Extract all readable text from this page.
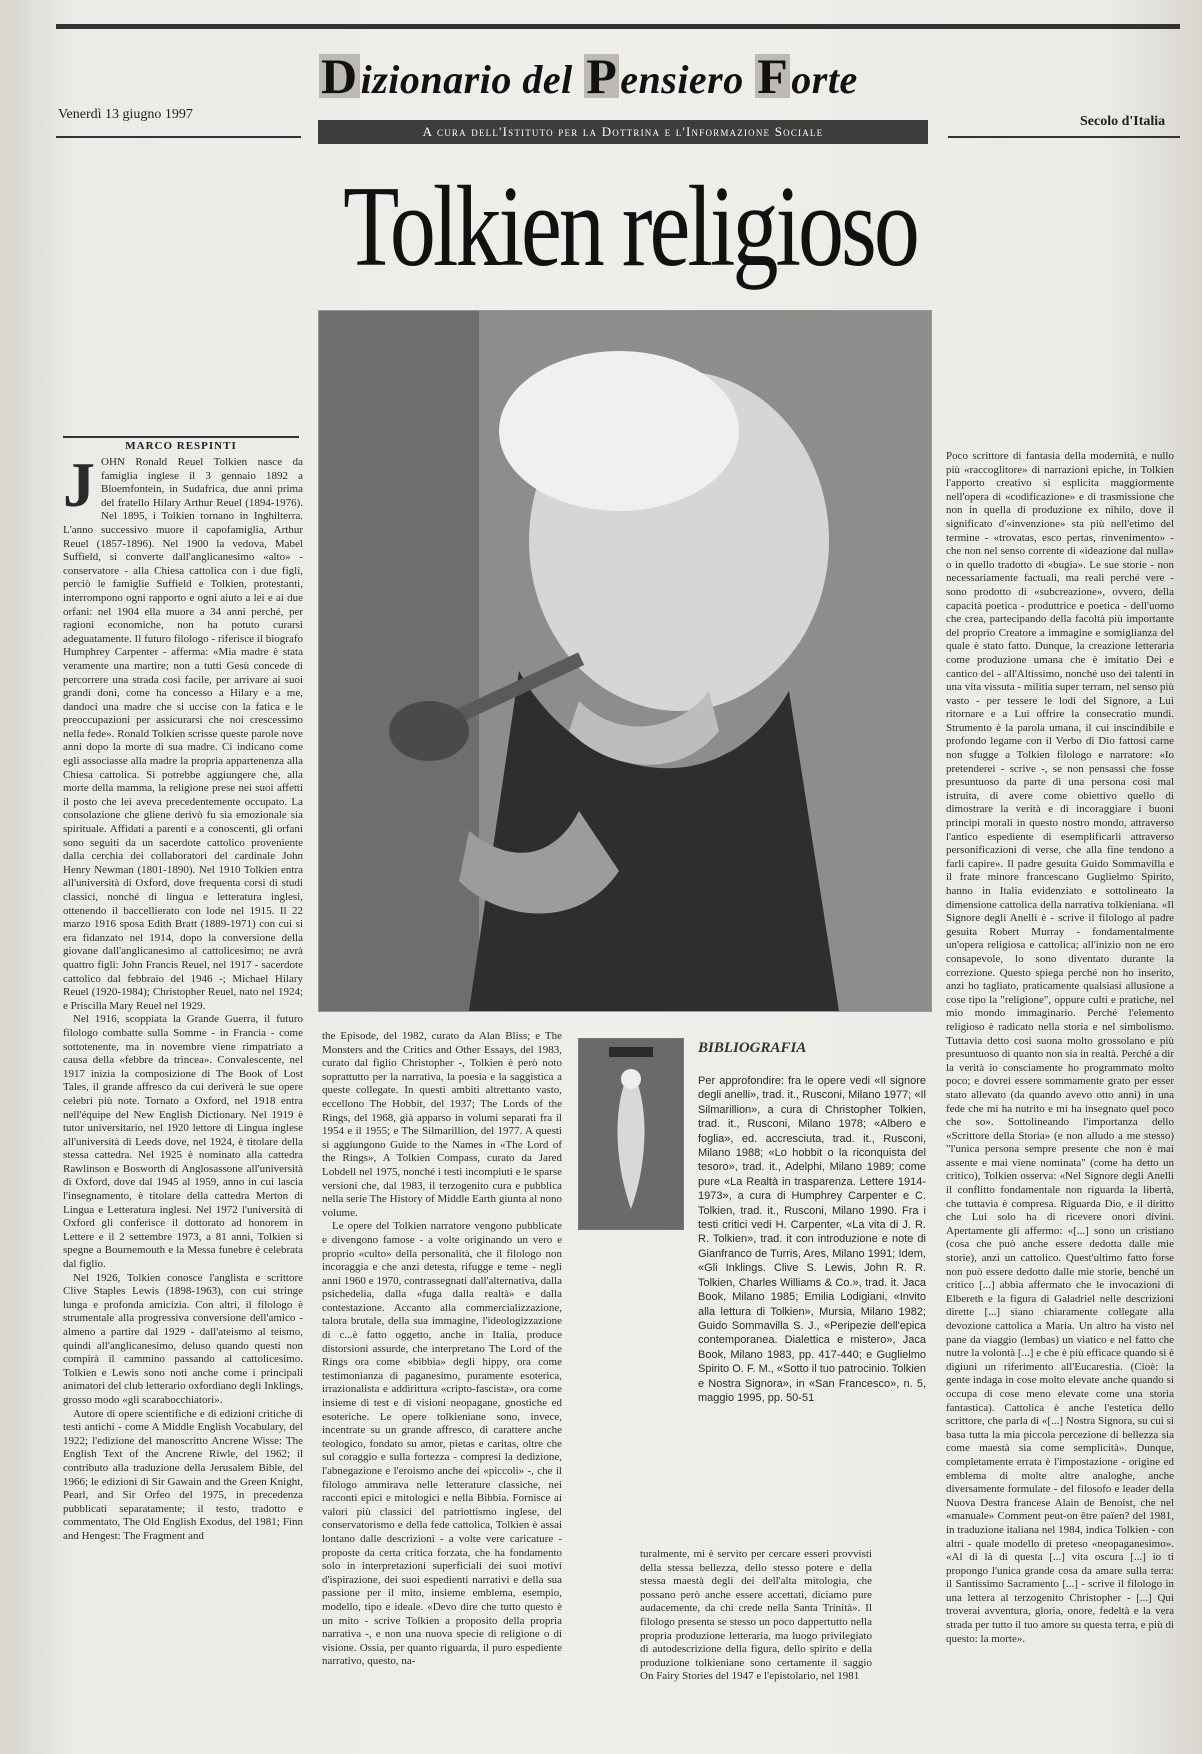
Venerdì 13 giugno 1997	Secolo d'Italia
Dizionario del Pensiero Forte
A cura dell'Istituto per la Dottrina e l'Informazione Sociale
Tolkien religioso
MARCO RESPINTI
J OHN Ronald Reuel Tolkien nasce da famiglia inglese il 3 gennaio 1892 a Bloemfontein, in Sudafrica, due anni prima del fratello Hilary Arthur Reuel (1894-1976). Nel 1895, i Tolkien tornano in Inghilterra. L'anno successivo muore il capofamiglia, Arthur Reuel (1857-1896). Nel 1900 la vedova, Mabel Suffield, si converte dall'anglicanesimo «alto» - conservatore - alla Chiesa cattolica con i due figli, perciò le famiglie Suffield e Tolkien, protestanti, interrompono ogni rapporto e ogni aiuto a lei e ai due orfani: nel 1904 ella muore a 34 anni perché, per ragioni economiche, non ha potuto curarsi adeguatamente. Il futuro filologo - riferisce il biografo Humphrey Carpenter - afferma: «Mia madre è stata veramente una martire; non a tutti Gesù concede di percorrere una strada così facile, per arrivare ai suoi grandi doni, come ha concesso a Hilary e a me, dandoci una madre che si uccise con la fatica e le preoccupazioni per assicurarsi che noi crescessimo nella fede». Ronald Tolkien scrisse queste parole nove anni dopo la morte di sua madre. Ci indicano come egli associasse alla madre la propria appartenenza alla Chiesa cattolica. Si potrebbe aggiungere che, alla morte della mamma, la religione prese nei suoi affetti il posto che lei aveva precedentemente occupato. La consolazione che gliene derivò fu sia emozionale sia spirituale. Affidati a parenti e a conoscenti, gli orfani sono seguiti da un sacerdote cattolico proveniente dalla cerchia dei collaboratori del cardinale John Henry Newman (1801-1890). Nel 1910 Tolkien entra all'università di Oxford, dove frequenta corsi di studi classici, nonché di lingua e letteratura inglesi, ottenendo il baccellierato con lode nel 1915. Il 22 marzo 1916 sposa Edith Bratt (1889-1971) con cui si era fidanzato nel 1914, dopo la conversione della giovane dall'anglicanesimo al cattolicesimo; ne avrà quattro figli: John Francis Reuel, nel 1917 - sacerdote cattolico dal febbraio del 1946 -; Michael Hilary Reuel (1920-1984); Christopher Reuel, nato nel 1924; e Priscilla Mary Reuel nel 1929.

Nel 1916, scoppiata la Grande Guerra, il futuro filologo combatte sulla Somme - in Francia - come sottotenente, ma in novembre viene rimpatriato a causa della «febbre da trincea». Convalescente, nel 1917 inizia la composizione di The Book of Lost Tales, il grande affresco da cui deriverà le sue opere celebri più note. Tornato a Oxford, nel 1918 entra nell'équipe del New English Dictionary. Nel 1919 è tutor universitario, nel 1920 lettore di Lingua inglese all'università di Leeds dove, nel 1924, è titolare della stessa cattedra. Nel 1925 è nominato alla cattedra Rawlinson e Bosworth di Anglosassone all'università di Oxford, dove dal 1945 al 1959, anno in cui lascia l'insegnamento, è titolare della cattedra Merton di Lingua e Letteratura inglesi. Nel 1972 l'università di Oxford gli conferisce il dottorato ad honorem in Lettere e il 2 settembre 1973, a 81 anni, Tolkien si spegne a Bournemouth e la Messa funebre è celebrata dal figlio.

Nel 1926, Tolkien conosce l'anglista e scrittore Clive Staples Lewis (1898-1963), con cui stringe lunga e profonda amicizia. Con altri, il filologo è strumentale alla progressiva conversione dell'amico - almeno a partire dal 1929 - dall'ateismo al teismo, quindi all'anglicanesimo, deluso quando questi non compirà il cammino passando al cattolicesimo. Tolkien e Lewis sono noti anche come i principali animatori del club letterario oxfordiano degli Inklings, grosso modo «gli scarabocchiatori».

Autore di opere scientifiche e di edizioni critiche di testi antichi - come A Middle English Vocabulary, del 1922; l'edizione del manoscritto Ancrene Wisse: The English Text of the Ancrene Riwle, del 1962; il contributo alla traduzione della Jerusalem Bible, del 1966; le edizioni di Sir Gawain and the Green Knight, Pearl, and Sir Orfeo del 1975, in precedenza pubblicati separatamente; il testo, tradotto e commentato, The Old English Exodus, del 1981; Finn and Hengest: The Fragment and

the Episode, del 1982, curato da Alan Bliss; e The Monsters and the Critics and Other Essays, del 1983, curato dal figlio Christopher -, Tolkien è però noto soprattutto per la narrativa, la poesia e la saggistica a queste collegate. In questi ambiti altrettanto vasto, eccellono The Hobbit, del 1937; The Lords of the Rings, del 1968, già apparso in volumi separati fra il 1954 e il 1955; e The Silmarillion, del 1977. A questi si aggiungono Guide to the Names in «The Lord of the Rings», A Tolkien Compass, curato da Jared Lobdell nel 1975, nonché i testi incompiuti e le sparse versioni che, dal 1983, il terzogenito cura e pubblica nella serie The History of Middle Earth giunta al nono volume.

Le opere del Tolkien narratore vengono pubblicate e divengono famose - a volte originando un vero e proprio «culto» della personalità, che il filologo non incoraggia e che anzi detesta, rifugge e teme - negli anni 1960 e 1970, contrassegnati dall'alternativa, dalla psichedelia, dalla «fuga dalla realtà» e dalla contestazione. Accanto alla commercializzazione, talora brutale, della sua immagine, l'ideologizzazione di c...è fatto oggetto, anche in Italia, produce distorsioni assurde, che interpretano The Lord of the Rings ora come «bibbia» degli hippy, ora come testimonianza di paganesimo, puramente esoterica, irrazionalista e addirittura «cripto-fascista», ora come insieme di test e di visioni neopagane, gnostiche ed esoteriche. Le opere tolkieniane sono, invece, incentrate su un grande affresco, di carattere anche teologico, fondato su amor, pietas e caritas, oltre che sul coraggio e sulla fortezza - compresi la dedizione, l'abnegazione e l'eroismo anche dei «piccoli» -, che il filologo ammirava nelle letterature classiche, nei racconti epici e mitologici e nella Bibbia. Fornisce ai valori più classici del patriottismo inglese, del conservatorismo e della fede cattolica, Tolkien è assai lontano dalle descrizioni - a volte vere caricature - proposte da certa critica forzata, che ha fondamento solo in interpretazioni superficiali dei suoi motivi d'ispirazione, dei suoi espedienti narrativi e della sua passione per il mito, insieme emblema, esempio, modello, tipo e ideale. «Devo dire che tutto questo è un mito - scrive Tolkien a proposito della propria narrativa -, e non una nuova specie di religione o di visione. Ossia, per quanto riguarda, il puro espediente narrativo, questo, na-

BIBLIOGRAFIA
Per approfondire: fra le opere vedi «Il signore degli anelli», trad. it., Rusconi, Milano 1977; «Il Silmarillion», a cura di Christopher Tolkien, trad. it., Rusconi, Milano 1978; «Albero e foglia», ed. accresciuta, trad. it., Rusconi, Milano 1988; «Lo hobbit o la riconquista del tesoro», trad. it., Adelphi, Milano 1989; come pure «La Realtà in trasparenza. Lettere 1914-1973», a cura di Humphrey Carpenter e C. Tolkien, trad. it., Rusconi, Milano 1990. Fra i testi critici vedi H. Carpenter, «La vita di J. R. R. Tolkien», trad. it con introduzione e note di Gianfranco de Turris, Ares, Milano 1991; Idem, «Gli Inklings. Clive S. Lewis, John R. R. Tolkien, Charles Williams & Co.», trad. it. Jaca Book, Milano 1985; Emilia Lodigiani, «Invito alla lettura di Tolkien», Mursia, Milano 1982; Guido Sommavilla S. J., «Peripezie dell'epica contemporanea. Dialettica e mistero», Jaca Book, Milano 1983, pp. 417-440; e Guglielmo Spirito O. F. M., «Sotto il tuo patrocinio. Tolkien e Nostra Signora», in «San Francesco», n. 5, maggio 1995, pp. 50-51
turalmente, mi è servito per cercare esseri provvisti della stessa bellezza, dello stesso potere e della stessa maestà degli dei dell'alta mitologia, che possano però anche essere accettati, diciamo pure audacemente, da chi crede nella Santa Trinità». Il filologo presenta se stesso un poco dappertutto nella propria produzione letteraria, ma luogo privilegiato di autodescrizione della figura, dello spirito e della produzione tolkieniane sono certamente il saggio On Fairy Stories del 1947 e l'epistolario, nel 1981
Poco scrittore di fantasia della modernità, e nullo più «raccoglitore» di narrazioni epiche, in Tolkien l'apporto creativo si esplicita maggiormente nell'opera di «codificazione» e di trasmissione che non in quella di produzione ex nihilo, dove il significato d'«invenzione» sta più nell'etimo del termine - «trovatas, esco pertas, rinvenimento» - che non nel senso corrente di «ideazione dal nulla» o in quello tradotto di «bugia». Le sue storie - non necessariamente factuali, ma reali perché vere - sono prodotto di «subcreazione», ovvero, della capacità poetica - produttrice e poetica - dell'uomo che crea, partecipando della facoltà più importante del proprio Creatore a immagine e somiglianza del quale è stato fatto. Dunque, la creazione letteraria come produzione umana che è imitatio Dei e cantico del - all'Altissimo, nonché uso dei talenti in una vita vissuta - militia super terram, nel senso più vasto - per tessere le lodi del Signore, a Lui ritornare e a Lui offrire la consecratio mundi. Strumento è la parola umana, il cui inscindibile e profondo legame con il Verbo di Dio fattosi carne non sfugge a Tolkien filologo e narratore: «Io pretenderei - scrive -, se non pensassi che fosse presuntuoso da parte di una persona così mal istruita, di avere come obiettivo quello di dimostrare la verità e di incoraggiare i buoni principi morali in questo nostro mondo, attraverso l'antico espediente di esemplificarli attraverso personificazioni di verse, che alla fine tendono a farli capire». Il padre gesuita Guido Sommavilla e il frate minore francescano Guglielmo Spirito, hanno in Italia evidenziato e sottolineato la dimensione cattolica della narrativa tolkieniana. «Il Signore degli Anelli è - scrive il filologo al padre gesuita Robert Murray - fondamentalmente un'opera religiosa e cattolica; all'inizio non ne ero consapevole, lo sono diventato durante la correzione. Questo spiega perché non ho inserito, anzi ho tagliato, praticamente qualsiasi allusione a cose tipo la "religione", oppure culti e pratiche, nel mio mondo immaginario. Perché l'elemento religioso è radicato nella storia e nel simbolismo. Tuttavia detto così suona molto grossolano e più presuntuoso di quanto non sia in realtà. Perché a dir la verità io consciamente ho programmato molto poco; e dovrei essere sommamente grato per esser stato allevato (da quando avevo otto anni) in una fede che mi ha nutrito e mi ha insegnato quel poco che so». Sottolineando l'importanza dello «Scrittore della Storia» (e non alludo a me stesso) "l'unica persona sempre presente che non è mai assente e mai viene nominata" (come ha detto un critico), Tolkien osserva: «Nel Signore degli Anelli il conflitto fondamentale non riguarda la libertà, che tuttavia è compresa. Riguarda Dio, e il diritto che Lui solo ha di ricevere onori divini. Apertamente gli affermo: «[...] sono un cristiano (cosa che può anche essere dedotta dalle mie storie), anzi un cattolico. Quest'ultimo fatto forse non può essere dedotto dalle mie storie, benché un critico [...] abbia affermato che le invocazioni di Elbereth e la figura di Galadriel nelle descrizioni dirette [...] siano chiaramente collegate alla devozione cattolica a Maria. Un altro ha visto nel pane da viaggio (lembas) un viatico e nel fatto che nutre la volontà [...] e che è più efficace quando si è digiuni un riferimento all'Eucarestia. (Cioè: la gente indaga in cose molto elevate anche quando si occupa di cose meno elevate come una storia fantastica). Cattolica è anche l'estetica dello scrittore, che parla di «[...] Nostra Signora, su cui si basa tutta la mia piccola percezione di bellezza sia come maestà sia come semplicità». Dunque, completamente errata è l'impostazione - origine ed emblema di molte altre analoghe, anche diversamente formulate - del filosofo e leader della Nuova Destra francese Alain de Benoist, che nel «manuale» Comment peut-on être païen? del 1981, in traduzione italiana nel 1984, indica Tolkien - con altri - quale modello di preteso «neopaganesimo». «Al di là di questa [...] vita oscura [...] io ti propongo l'unica grande cosa da amare sulla terra: il Santissimo Sacramento [...] - scrive il filologo in una lettera al terzogenito Christopher - [...] Qui troverai avventura, gloria, onore, fedeltà e la vera strada per tutto il tuo amore su questa terra, e più di questo: la morte».
